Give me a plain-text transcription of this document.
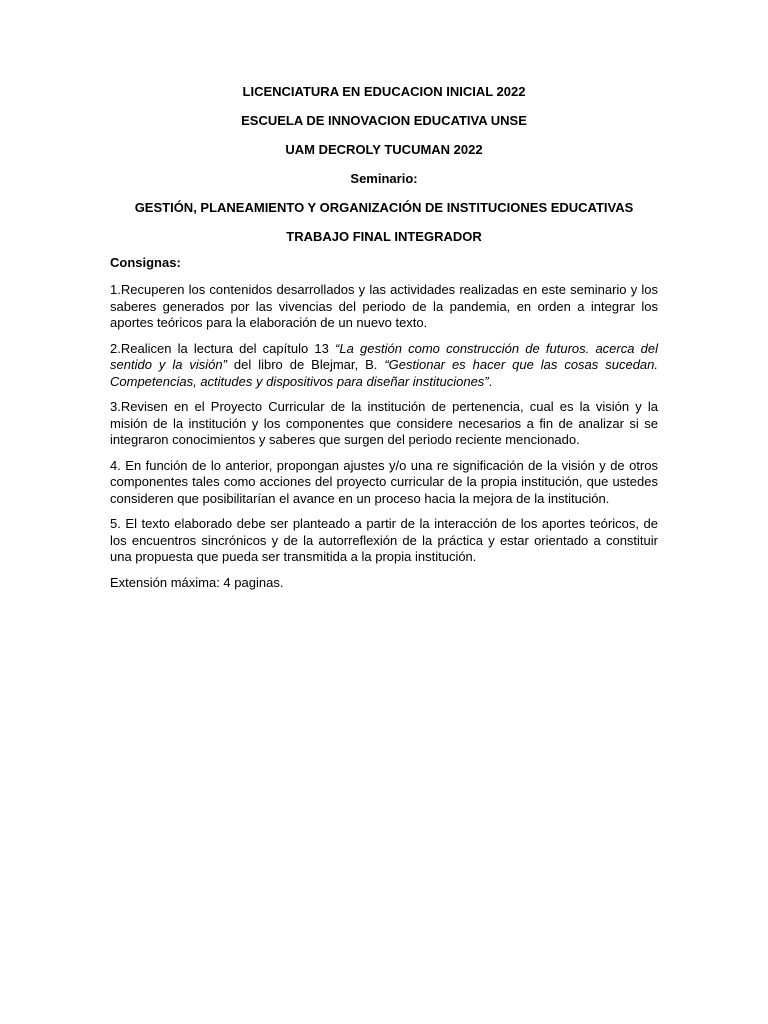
LICENCIATURA EN EDUCACION INICIAL 2022
ESCUELA DE INNOVACION EDUCATIVA UNSE
UAM DECROLY TUCUMAN 2022
Seminario:
GESTIÓN, PLANEAMIENTO Y ORGANIZACIÓN DE INSTITUCIONES EDUCATIVAS
TRABAJO FINAL INTEGRADOR
Consignas:

1.Recuperen los contenidos desarrollados y las actividades realizadas en este seminario y los saberes generados por las vivencias del periodo de la pandemia, en orden a integrar los aportes teóricos para la elaboración de un nuevo texto.

2.Realicen la lectura del capítulo 13 “La gestión como construcción de futuros. acerca del sentido y la visión” del libro de Blejmar, B. “Gestionar es hacer que las cosas sucedan. Competencias, actitudes y dispositivos para diseñar instituciones”.

3.Revisen en el Proyecto Curricular de la institución de pertenencia, cual es la visión y la misión de la institución y los componentes que considere necesarios a fin de analizar si se integraron conocimientos y saberes que surgen del periodo reciente mencionado.

4. En función de lo anterior, propongan ajustes y/o una re significación de la visión y de otros componentes tales como acciones del proyecto curricular de la propia institución, que ustedes consideren que posibilitarían el avance en un proceso hacia la mejora de la institución.

5. El texto elaborado debe ser planteado a partir de la interacción de los aportes teóricos, de los encuentros sincrónicos y de la autorreflexión de la práctica y estar orientado a constituir una propuesta que pueda ser transmitida a la propia institución.

Extensión máxima: 4 paginas.
